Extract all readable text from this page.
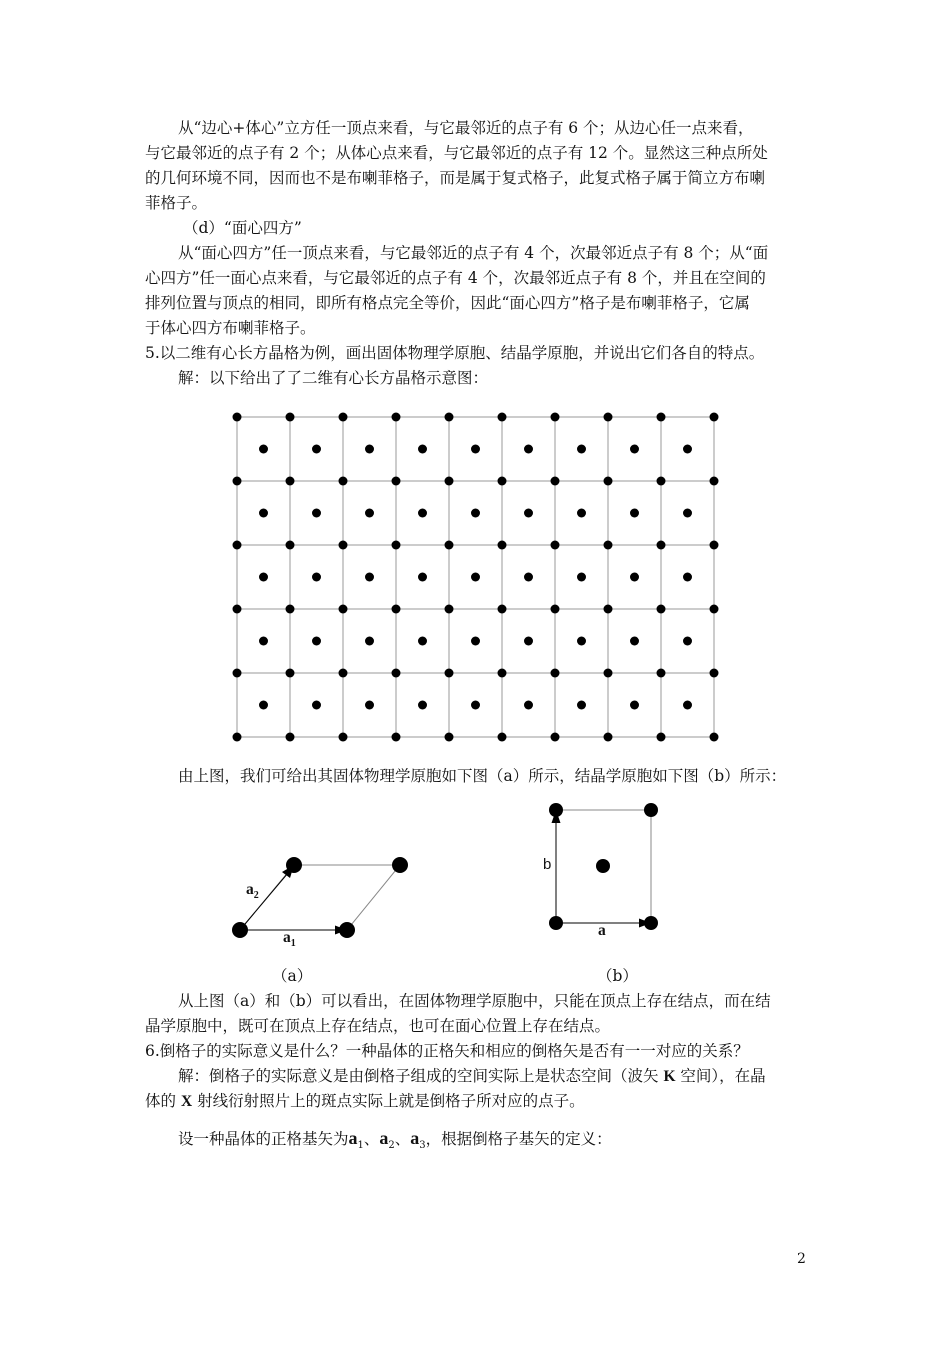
从“边心+体心”立方任一顶点来看，与它最邻近的点子有 6 个；从边心任一点来看，
与它最邻近的点子有 2 个；从体心点来看，与它最邻近的点子有 12 个。显然这三种点所处
的几何环境不同，因而也不是布喇菲格子，而是属于复式格子，此复式格子属于简立方布喇
菲格子。
（d）“面心四方”
从“面心四方”任一顶点来看，与它最邻近的点子有 4 个，次最邻近点子有 8 个；从“面
心四方”任一面心点来看，与它最邻近的点子有 4 个，次最邻近点子有 8 个，并且在空间的
排列位置与顶点的相同，即所有格点完全等价，因此“面心四方”格子是布喇菲格子，它属
于体心四方布喇菲格子。
5.以二维有心长方晶格为例，画出固体物理学原胞、结晶学原胞，并说出它们各自的特点。
解：以下给出了了二维有心长方晶格示意图：
由上图，我们可给出其固体物理学原胞如下图（a）所示，结晶学原胞如下图（b）所示：
$a_1$
$a_2$
（a）
b
a
（b）
从上图（a）和（b）可以看出，在固体物理学原胞中，只能在顶点上存在结点，而在结
晶学原胞中，既可在顶点上存在结点，也可在面心位置上存在结点。
6.倒格子的实际意义是什么？一种晶体的正格矢和相应的倒格矢是否有一一对应的关系？
解：倒格子的实际意义是由倒格子组成的空间实际上是状态空间（波矢 K 空间），在晶
体的 X 射线衍射照片上的斑点实际上就是倒格子所对应的点子。
设一种晶体的正格基矢为$a_1$、$a_2$、$a_3$，根据倒格子基矢的定义：
2
